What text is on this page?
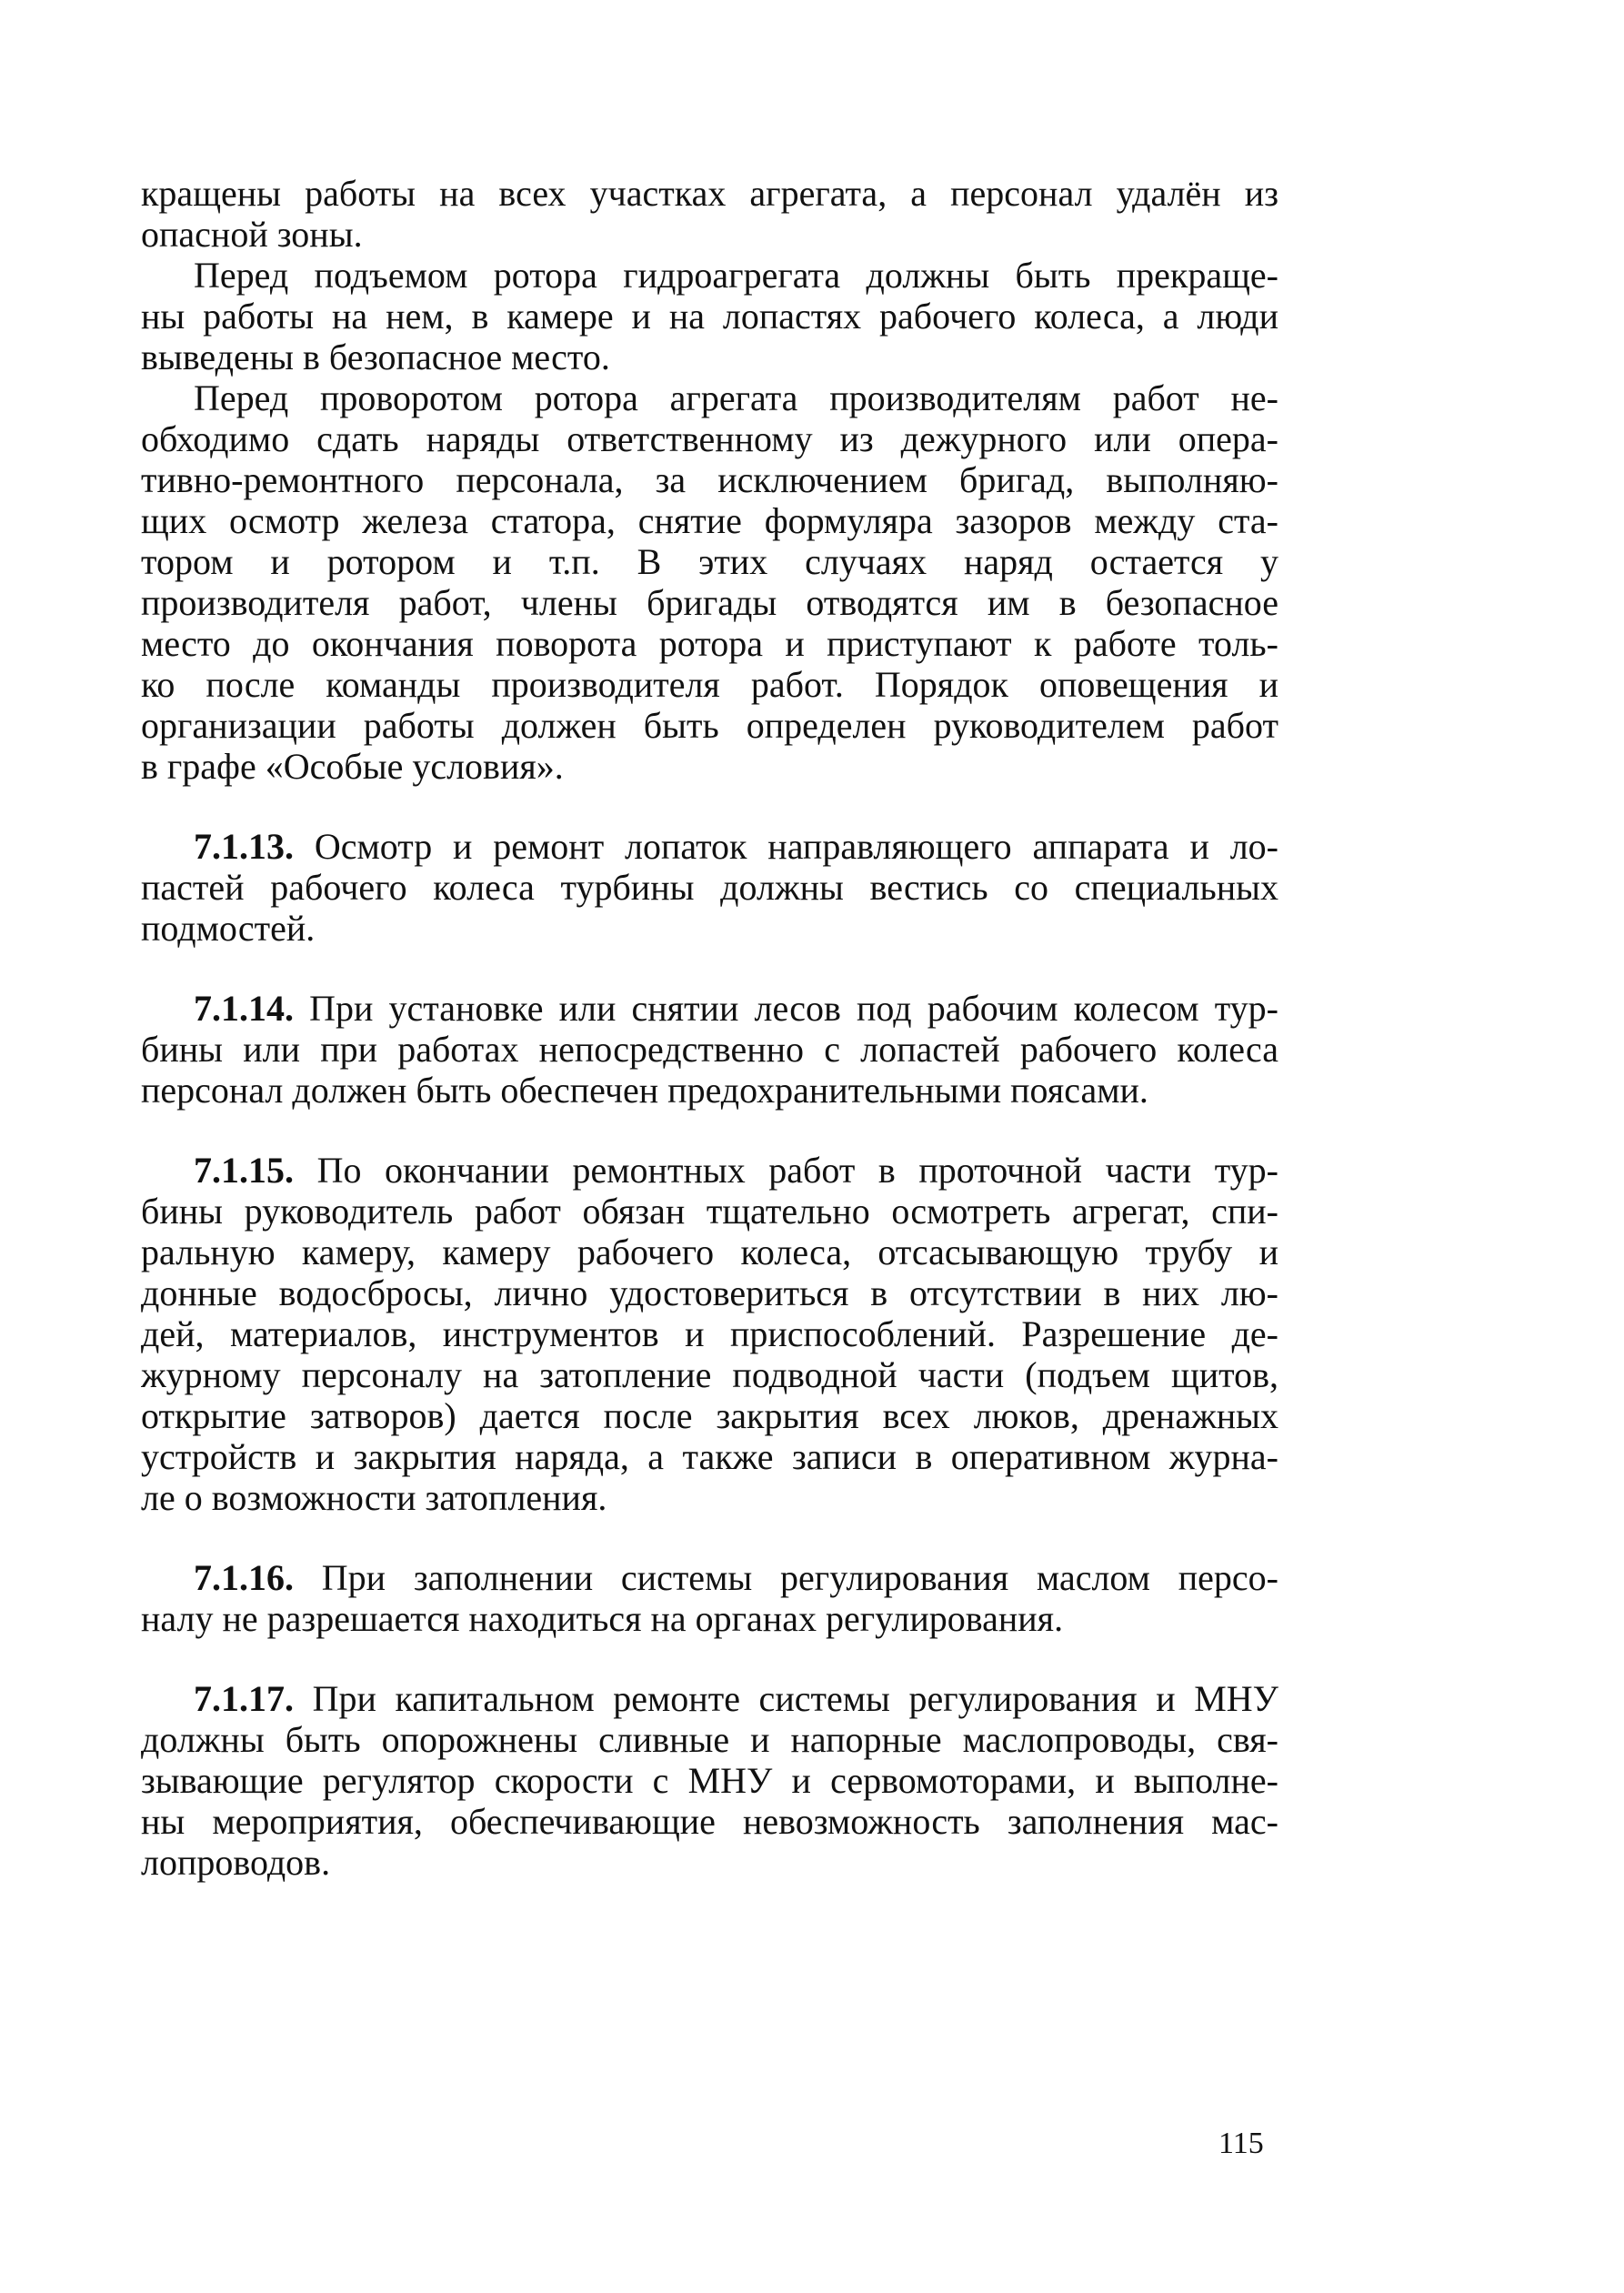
кращены работы на всех участках агрегата, а персонал удалён из
опасной зоны.
Перед подъемом ротора гидроагрегата должны быть прекраще-
ны работы на нем, в камере и на лопастях рабочего колеса, а люди
выведены в безопасное место.
Перед проворотом ротора агрегата производителям работ не-
обходимо сдать наряды ответственному из дежурного или опера-
тивно-ремонтного персонала, за исключением бригад, выполняю-
щих осмотр железа статора, снятие формуляра зазоров между ста-
тором и ротором и т.п. В этих случаях наряд остается у
производителя работ, члены бригады отводятся им в безопасное
место до окончания поворота ротора и приступают к работе толь-
ко после команды производителя работ. Порядок оповещения и
организации работы должен быть определен руководителем работ
в графе «Особые условия».
7.1.13. Осмотр и ремонт лопаток направляющего аппарата и ло-
пастей рабочего колеса турбины должны вестись со специальных
подмостей.
7.1.14. При установке или снятии лесов под рабочим колесом тур-
бины или при работах непосредственно с лопастей рабочего колеса
персонал должен быть обеспечен предохранительными поясами.
7.1.15. По окончании ремонтных работ в проточной части тур-
бины руководитель работ обязан тщательно осмотреть агрегат, спи-
ральную камеру, камеру рабочего колеса, отсасывающую трубу и
донные водосбросы, лично удостовериться в отсутствии в них лю-
дей, материалов, инструментов и приспособлений. Разрешение де-
журному персоналу на затопление подводной части (подъем щитов,
открытие затворов) дается после закрытия всех люков, дренажных
устройств и закрытия наряда, а также записи в оперативном журна-
ле о возможности затопления.
7.1.16. При заполнении системы регулирования маслом персо-
налу не разрешается находиться на органах регулирования.
7.1.17. При капитальном ремонте системы регулирования и МНУ
должны быть опорожнены сливные и напорные маслопроводы, свя-
зывающие регулятор скорости с МНУ и сервомоторами, и выполне-
ны мероприятия, обеспечивающие невозможность заполнения мас-
лопроводов.
115
